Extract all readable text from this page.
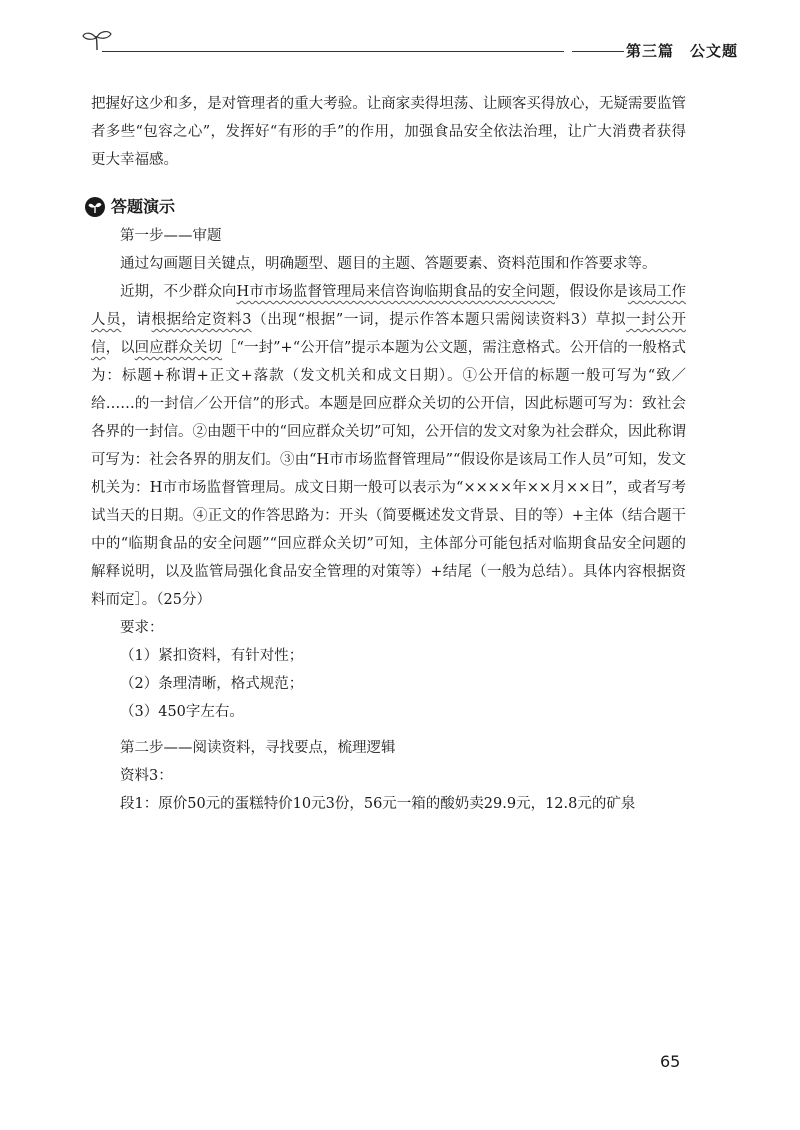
第三篇 公文题

把握好这少和多，是对管理者的重大考验。让商家卖得坦荡、让顾客买得放心，无疑需要监管者多些“包容之心”，发挥好“有形的手”的作用，加强食品安全依法治理，让广大消费者获得更大幸福感。

答题演示
第一步——审题

通过勾画题目关键点，明确题型、题目的主题、答题要素、资料范围和作答要求等。

近期，不少群众向H市市场监督管理局来信咨询临期食品的安全问题，假设你是该局工作人员，请根据给定资料3（出现“根据”一词，提示作答本题只需阅读资料3）草拟一封公开信，以回应群众关切［“一封”+“公开信”提示本题为公文题，需注意格式。公开信的一般格式为：标题+称谓+正文+落款（发文机关和成文日期）。①公开信的标题一般可写为“致／给……的一封信／公开信”的形式。本题是回应群众关切的公开信，因此标题可写为：致社会各界的一封信。②由题干中的“回应群众关切”可知，公开信的发文对象为社会群众，因此称谓可写为：社会各界的朋友们。③由“H市市场监督管理局”“假设你是该局工作人员”可知，发文机关为：H市市场监督管理局。成文日期一般可以表示为“××××年××月××日”，或者写考试当天的日期。④正文的作答思路为：开头（简要概述发文背景、目的等）+主体（结合题干中的“临期食品的安全问题”“回应群众关切”可知，主体部分可能包括对临期食品安全问题的解释说明，以及监管局强化食品安全管理的对策等）+结尾（一般为总结）。具体内容根据资料而定］。（25分）

要求：

（1）紧扣资料，有针对性；

（2）条理清晰，格式规范；

（3）450字左右。

第二步——阅读资料，寻找要点，梳理逻辑

资料3：

段1：原价50元的蛋糕特价10元3份，56元一箱的酸奶卖29.9元，12.8元的矿泉

65
